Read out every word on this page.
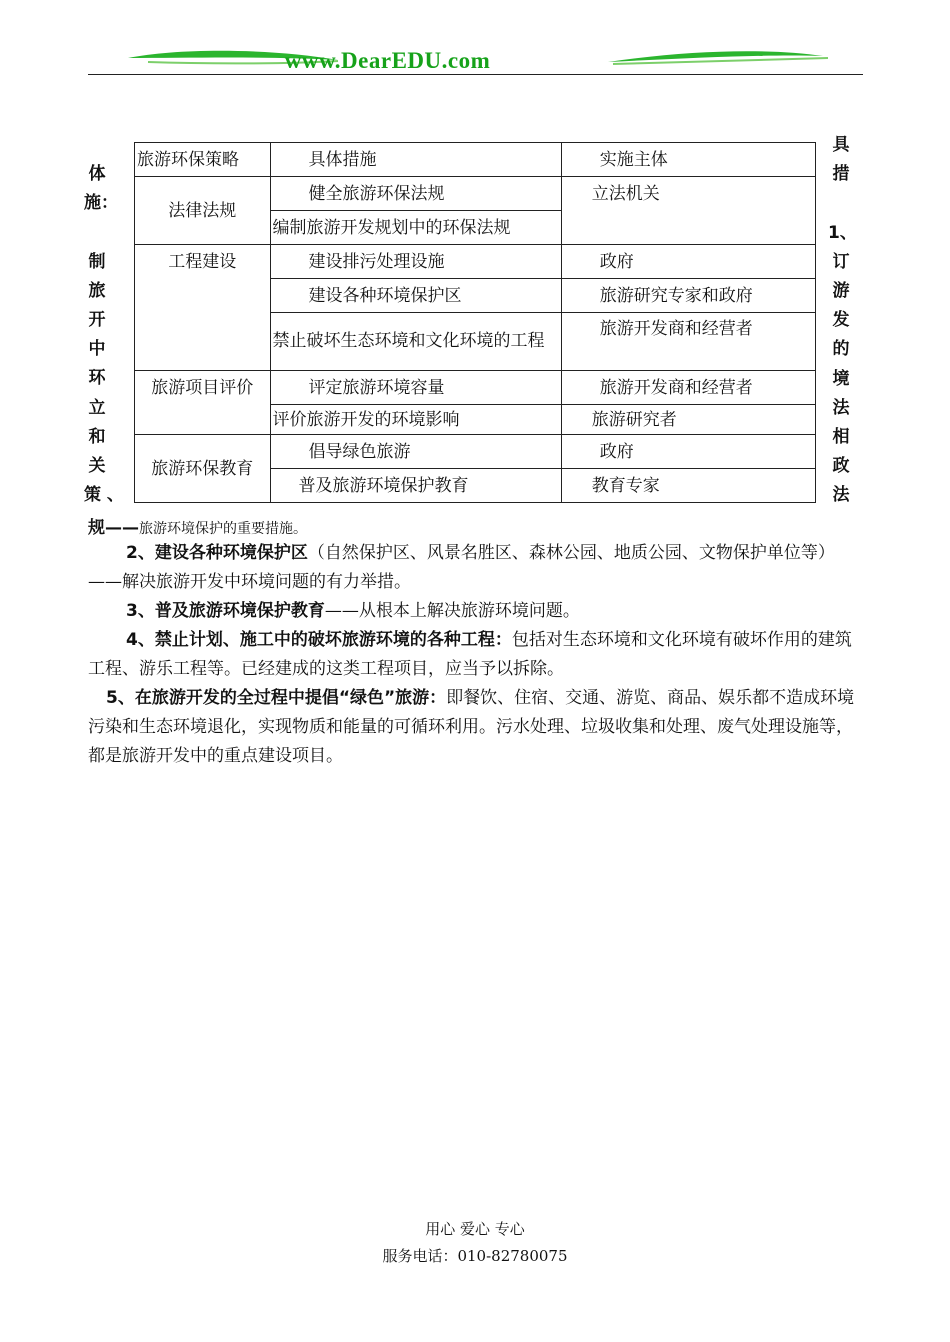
www.DearEDU.com
体
施：
制
旅
开
中
环
立
和
关
策 、
具
措
1、
订
游
发
的
境
法
相
政
法
旅游环保策略	具体措施	实施主体
法律法规	健全旅游环保法规	立法机关
	编制旅游开发规划中的环保法规	
工程建设	建设排污处理设施	政府
	建设各种环境保护区	旅游研究专家和政府
	禁止破坏生态环境和文化环境的工程	旅游开发商和经营者
旅游项目评价	评定旅游环境容量	旅游开发商和经营者
	评价旅游开发的环境影响	旅游研究者
旅游环保教育	倡导绿色旅游	政府
	普及旅游环境保护教育	教育专家
规——旅游环境保护的重要措施。
2、建设各种环境保护区（自然保护区、风景名胜区、森林公园、地质公园、文物保护单位等）——解决旅游开发中环境问题的有力举措。
3、普及旅游环境保护教育——从根本上解决旅游环境问题。
4、禁止计划、施工中的破坏旅游环境的各种工程：包括对生态环境和文化环境有破坏作用的建筑工程、游乐工程等。已经建成的这类工程项目，应当予以拆除。
5、在旅游开发的全过程中提倡“绿色”旅游：即餐饮、住宿、交通、游览、商品、娱乐都不造成环境污染和生态环境退化，实现物质和能量的可循环利用。污水处理、垃圾收集和处理、废气处理设施等，都是旅游开发中的重点建设项目。
用心 爱心 专心
服务电话：010-82780075
